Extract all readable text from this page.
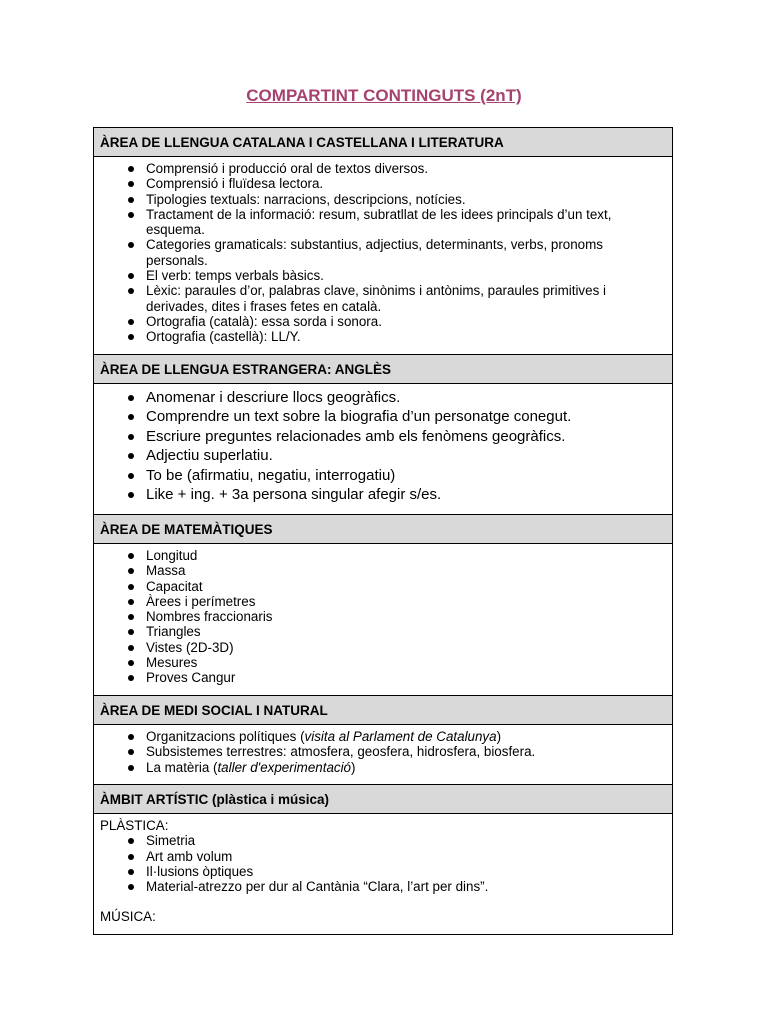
COMPARTINT CONTINGUTS (2nT)
ÀREA DE LLENGUA CATALANA I CASTELLANA I LITERATURA

Comprensió i producció oral de textos diversos.
Comprensió i fluïdesa lectora.
Tipologies textuals: narracions, descripcions, notícies.
Tractament de la informació: resum, subratllat de les idees principals d’un text, esquema.
Categories gramaticals: substantius, adjectius, determinants, verbs, pronoms personals.
El verb: temps verbals bàsics.
Lèxic: paraules d’or, palabras clave, sinònims i antònims, paraules primitives i derivades, dites i frases fetes en català.
Ortografia (català): essa sorda i sonora.
Ortografia (castellà): LL/Y.

ÀREA DE LLENGUA ESTRANGERA: ANGLÈS

Anomenar i descriure llocs geogràfics.
Comprendre un text sobre la biografia d’un personatge conegut.
Escriure preguntes relacionades amb els fenòmens geogràfics.
Adjectiu superlatiu.
To be (afirmatiu, negatiu, interrogatiu)
Like + ing. + 3a persona singular afegir s/es.

ÀREA DE MATEMÀTIQUES

Longitud
Massa
Capacitat
Àrees i perímetres
Nombres fraccionaris
Triangles
Vistes (2D-3D)
Mesures
Proves Cangur

ÀREA DE MEDI SOCIAL I NATURAL

Organitzacions polítiques (visita al Parlament de Catalunya)
Subsistemes terrestres: atmosfera, geosfera, hidrosfera, biosfera.
La matèria (taller d'experimentació)

ÀMBIT ARTÍSTIC (plàstica i música)

PLÀSTICA:
Simetria
Art amb volum
Il·lusions òptiques
Material-atrezzo per dur al Cantània “Clara, l’art per dins”.
MÚSICA:
